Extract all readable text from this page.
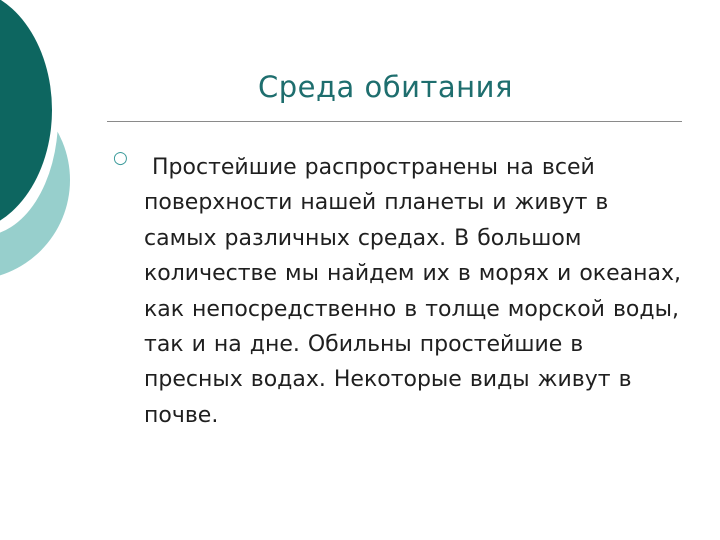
Среда обитания
○	Простейшие распространены на всей поверхности нашей планеты и живут в самых различных средах. В большом количестве мы найдем их в морях и океанах, как непосредственно в толще морской воды, так и на дне. Обильны простейшие в пресных водах. Некоторые виды живут в почве.
